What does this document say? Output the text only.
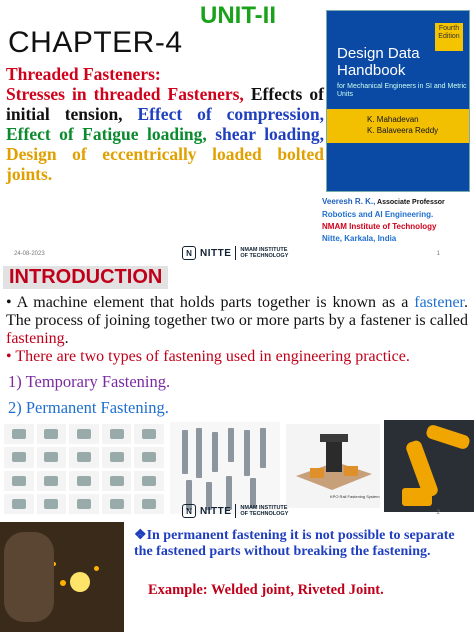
UNIT-II
CHAPTER-4
Threaded Fasteners:
Stresses in threaded Fasteners, Effects of initial tension, Effect of compression, Effect of Fatigue loading, shear loading, Design of eccentrically loaded bolted joints.
Fourth Edition
Design Data
Handbook
for Mechanical Engineers in SI and Metric Units
K. Mahadevan
K. Balaveera Reddy
Veeresh R. K., Associate Professor
Robotics and AI Engineering.
NMAM Institute of Technology
Nitte, Karkala, India
24-08-2023	N NITTE NMAM INSTITUTE
OF TECHNOLOGY	1
INTRODUCTION
• A machine element that holds parts together is known as a fastener. The process of joining together two or more parts by a fastener is called fastening.
• There are two types of fastening used in engineering practice.
1) Temporary Fastening.
2) Permanent Fastening.
KPO Rail Fastening System
N NITTE NMAM INSTITUTE
OF TECHNOLOGY	2
❖In permanent fastening it is not possible to separate the fastened parts without breaking the fastening.
Example: Welded joint, Riveted Joint.
